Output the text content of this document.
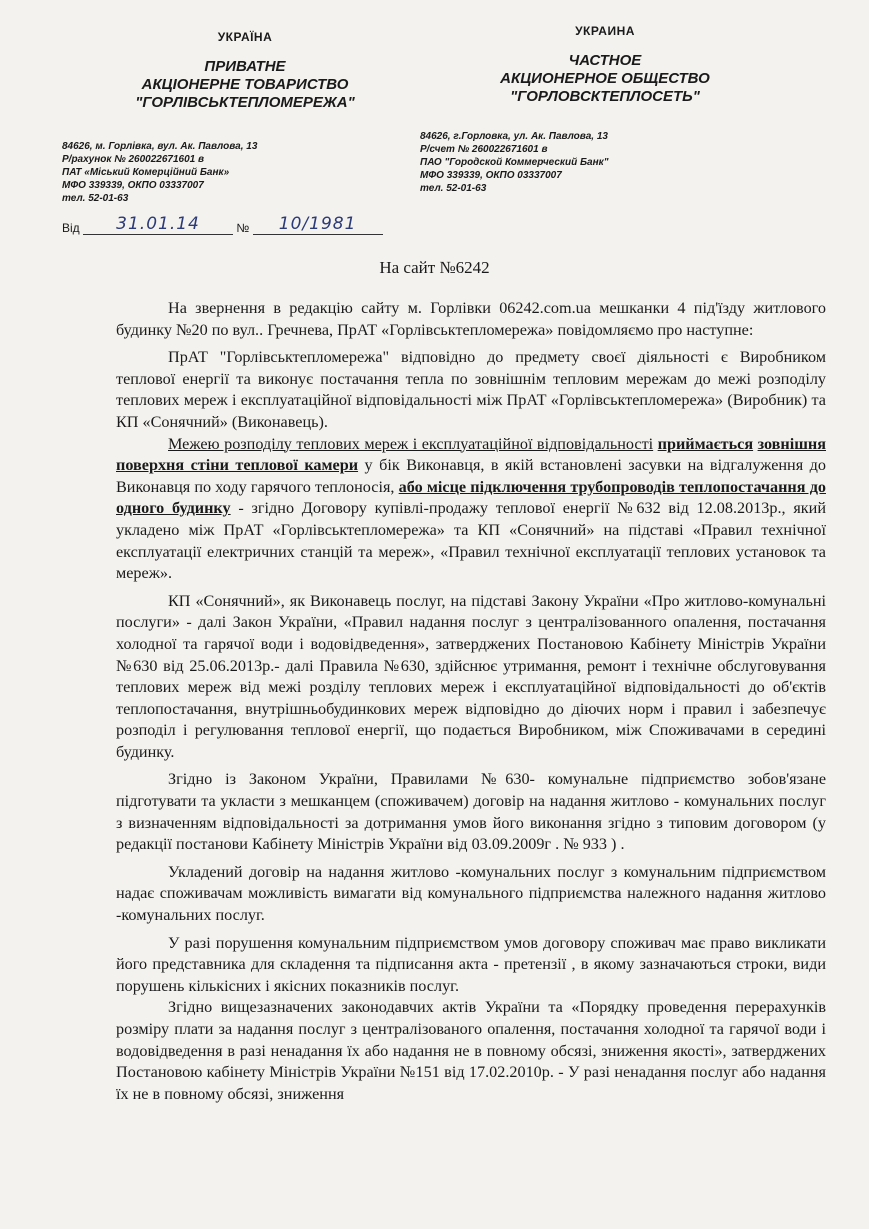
УКРАЇНА
ПРИВАТНЕ
АКЦІОНЕРНЕ ТОВАРИСТВО
"ГОРЛІВСЬКТЕПЛОМЕРЕЖА"
84626, м. Горлівка, вул. Ак. Павлова, 13
Р/рахунок № 260022671601 в
ПАТ «Міський Комерційний Банк»
МФО 339339, ОКПО 03337007
тел. 52-01-63
УКРАИНА
ЧАСТНОЕ
АКЦИОНЕРНОЕ ОБЩЕСТВО
"ГОРЛОВСКТЕПЛОСЕТЬ"
84626, г.Горловка, ул. Ак. Павлова, 13
Р/счет № 260022671601 в
ПАО "Городской Коммерческий Банк"
МФО 339339, ОКПО 03337007
тел. 52-01-63
Від 31.01.14	№ 10/1981
На сайт №6242

На звернення в редакцію сайту м. Горлівки 06242.com.ua мешканки 4 під'їзду житлового будинку №20 по вул.. Гречнева, ПрАТ «Горлівськтепломережа» повідомляємо про наступне:

ПрАТ "Горлівськтепломережа" відповідно до предмету своєї діяльності є Виробником теплової енергії та виконує постачання тепла по зовнішнім тепловим мережам до межі розподілу теплових мереж і експлуатаційної відповідальності між ПрАТ «Горлівськтепломережа» (Виробник) та КП «Сонячний» (Виконавець).

Межею розподілу теплових мереж і експлуатаційної відповідальності приймається зовнішня поверхня стіни теплової камери у бік Виконавця, в якій встановлені засувки на відгалуження до Виконавця по ходу гарячого теплоносія, або місце підключення трубопроводів теплопостачання до одного будинку - згідно Договору купівлі-продажу теплової енергії №632 від 12.08.2013р., який укладено між ПрАТ «Горлівськтепломережа» та КП «Сонячний» на підставі «Правил технічної експлуатації електричних станцій та мереж», «Правил технічної експлуатації теплових установок та мереж».

КП «Сонячний», як Виконавець послуг, на підставі Закону України «Про житлово-комунальні послуги» - далі Закон України, «Правил надання послуг з централізованного опалення, постачання холодної та гарячої води і водовідведення», затверджених Постановою Кабінету Міністрів України №630 від 25.06.2013р.- далі Правила №630, здійснює утримання, ремонт і технічне обслуговування теплових мереж від межі розділу теплових мереж і експлуатаційної відповідальності до об'єктів теплопостачання, внутрішньобудинкових мереж відповідно до діючих норм і правил і забезпечує розподіл і регулювання теплової енергії, що подається Виробником, між Споживачами в середині будинку.

Згідно із Законом України, Правилами №630- комунальне підприємство зобов'язане підготувати та укласти з мешканцем (споживачем) договір на надання житлово - комунальних послуг з визначенням відповідальності за дотримання умов його виконання згідно з типовим договором (у редакції постанови Кабінету Міністрів України від 03.09.2009г . № 933 ) .

Укладений договір на надання житлово -комунальних послуг з комунальним підприємством надає споживачам можливість вимагати від комунального підприємства належного надання житлово -комунальних послуг.

У разі порушення комунальним підприємством умов договору споживач має право викликати його представника для складення та підписання акта - претензії , в якому зазначаються строки, види порушень кількісних і якісних показників послуг.

Згідно вищезазначених законодавчих актів України та «Порядку проведення перерахунків розміру плати за надання послуг з централізованого опалення, постачання холодної та гарячої води і водовідведення в разі ненадання їх або надання не в повному обсязі, зниження якості», затверджених Постановою кабінету Міністрів України №151 від 17.02.2010р. - У разі ненадання послуг або надання їх не в повному обсязі, зниження
